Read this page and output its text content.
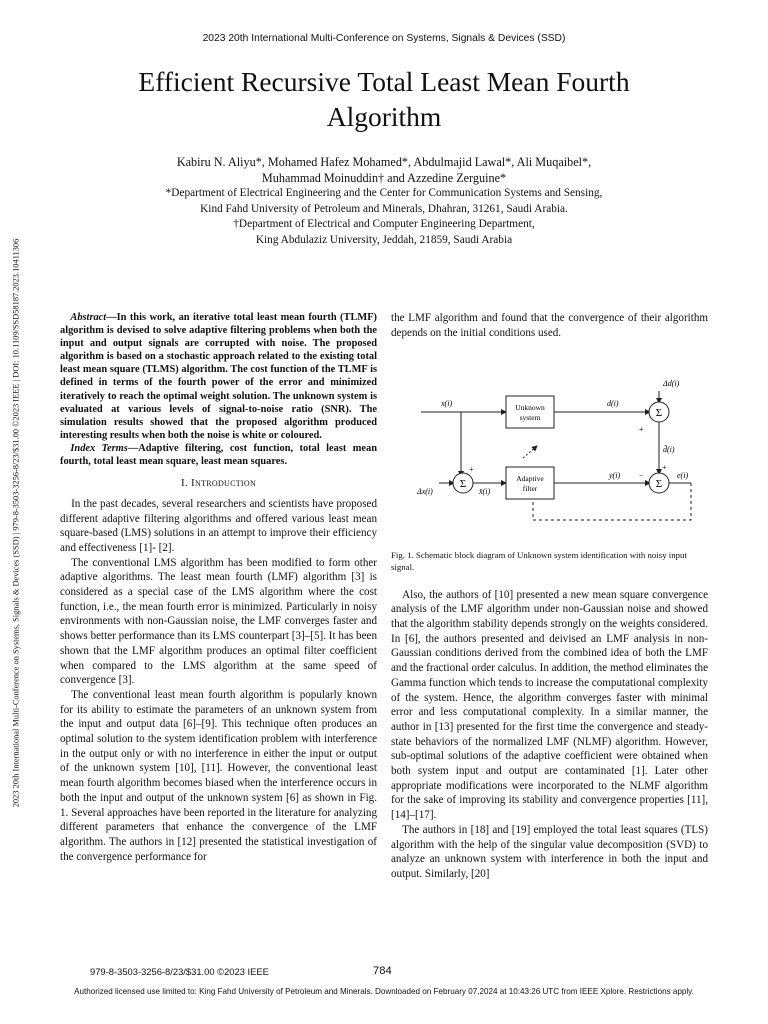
2023 20th International Multi-Conference on Systems, Signals & Devices (SSD)
Efficient Recursive Total Least Mean Fourth
Algorithm
Kabiru N. Aliyu*, Mohamed Hafez Mohamed*, Abdulmajid Lawal*, Ali Muqaibel*,
Muhammad Moinuddin† and Azzedine Zerguine*
*Department of Electrical Engineering and the Center for Communication Systems and Sensing,
Kind Fahd University of Petroleum and Minerals, Dhahran, 31261, Saudi Arabia.
†Department of Electrical and Computer Engineering Department,
King Abdulaziz University, Jeddah, 21859, Saudi Arabia
2023 20th International Multi-Conference on Systems, Signals & Devices (SSD) | 979-8-3503-3256-8/23/$31.00 ©2023 IEEE | DOI: 10.1109/SSD58187.2023.10411306	Abstract—In this work, an iterative total least mean fourth (TLMF) algorithm is devised to solve adaptive filtering problems when both the input and output signals are corrupted with noise. The proposed algorithm is based on a stochastic approach related to the existing total least mean square (TLMS) algorithm. The cost function of the TLMF is defined in terms of the fourth power of the error and minimized iteratively to reach the optimal weight solution. The unknown system is evaluated at various levels of signal-to-noise ratio (SNR). The simulation results showed that the proposed algorithm produced interesting results when both the noise is white or coloured.

Index Terms—Adaptive filtering, cost function, total least mean fourth, total least mean square, least mean squares.

I. Introduction

In the past decades, several researchers and scientists have proposed different adaptive filtering algorithms and offered various least mean square-based (LMS) solutions in an attempt to improve their efficiency and effectiveness [1]- [2].

The conventional LMS algorithm has been modified to form other adaptive algorithms. The least mean fourth (LMF) algorithm [3] is considered as a special case of the LMS algorithm where the cost function, i.e., the mean fourth error is minimized. Particularly in noisy environments with non-Gaussian noise, the LMF converges faster and shows better performance than its LMS counterpart [3]–[5]. It has been shown that the LMF algorithm produces an optimal filter coefficient when compared to the LMS algorithm at the same speed of convergence [3].

The conventional least mean fourth algorithm is popularly known for its ability to estimate the parameters of an unknown system from the input and output data [6]–[9]. This technique often produces an optimal solution to the system identification problem with interference in the output only or with no interference in either the input or output of the unknown system [10], [11]. However, the conventional least mean fourth algorithm becomes biased when the interference occurs in both the input and output of the unknown system [6] as shown in Fig. 1. Several approaches have been reported in the literature for analyzing different parameters that enhance the convergence of the LMF algorithm. The authors in [12] presented the statistical investigation of the convergence performance for

the LMF algorithm and found that the convergence of their algorithm depends on the initial conditions used.

Unknown
system
Adaptive
filter
Σ
Σ
Σ
x(i)	d(i)
Δd(i)
d̄(i)
Δx(i)	x̄(i)
y(i)	e(i)
+
+
+
−

Fig. 1. Schematic block diagram of Unknown system identification with noisy input signal.

Also, the authors of [10] presented a new mean square convergence analysis of the LMF algorithm under non-Gaussian noise and showed that the algorithm stability depends strongly on the weights considered. In [6], the authors presented and deivised an LMF analysis in non-Gaussian conditions derived from the combined idea of both the LMF and the fractional order calculus. In addition, the method eliminates the Gamma function which tends to increase the computational complexity of the system. Hence, the algorithm converges faster with minimal error and less computational complexity. In a similar manner, the author in [13] presented for the first time the convergence and steady-state behaviors of the normalized LMF (NLMF) algorithm. However, sub-optimal solutions of the adaptive coefficient were obtained when both system input and output are contaminated [1]. Later other appropriate modifications were incorporated to the NLMF algorithm for the sake of improving its stability and convergence properties [11], [14]–[17].

The authors in [18] and [19] employed the total least squares (TLS) algorithm with the help of the singular value decomposition (SVD) to analyze an unknown system with interference in both the input and output. Similarly, [20]

979-8-3503-3256-8/23/$31.00 ©2023 IEEE	784
Authorized licensed use limited to: King Fahd University of Petroleum and Minerals. Downloaded on February 07,2024 at 10:43:26 UTC from IEEE Xplore. Restrictions apply.
